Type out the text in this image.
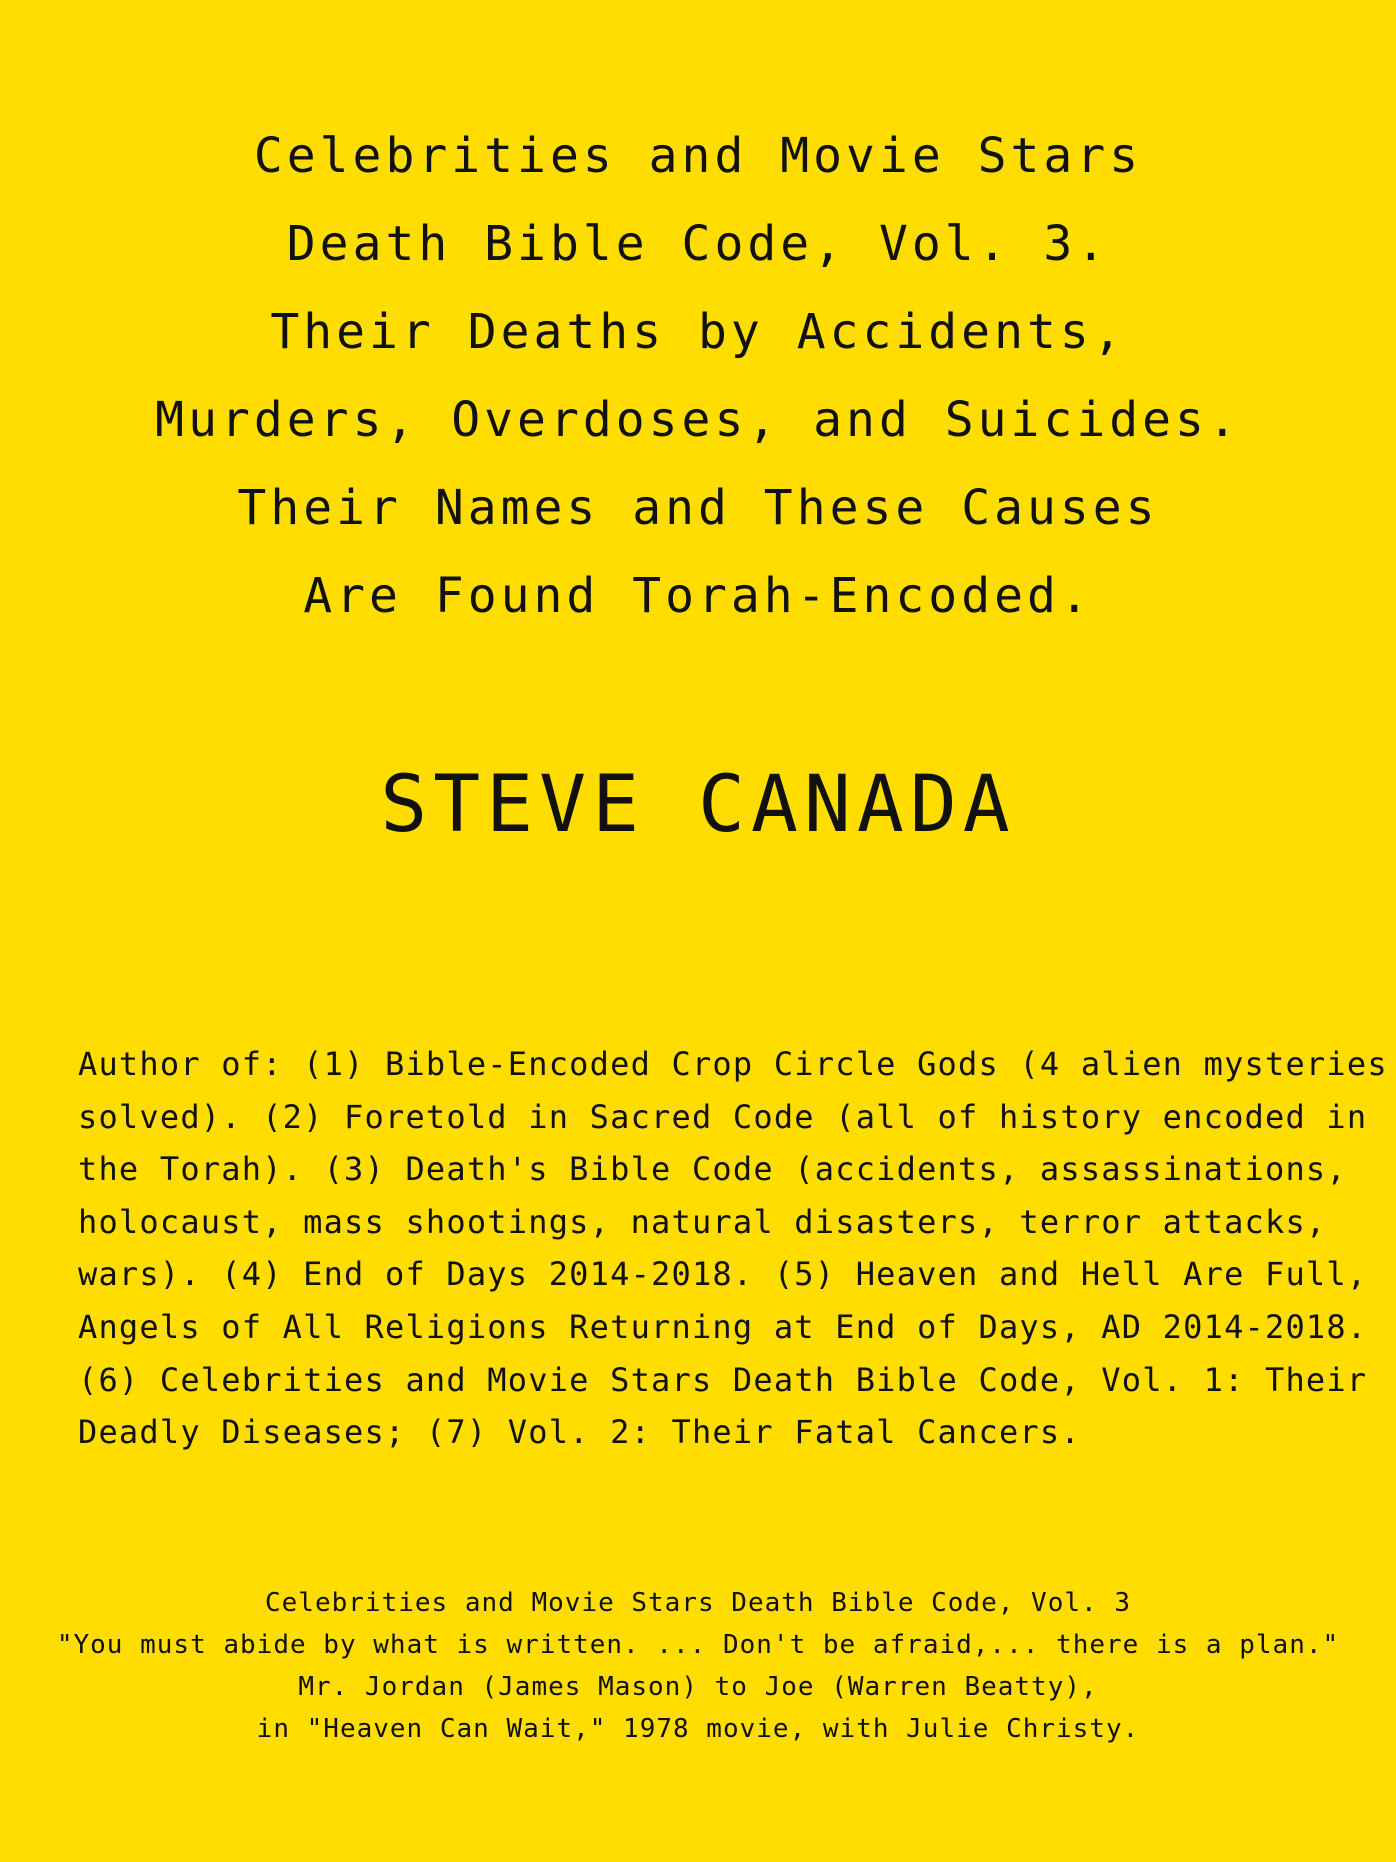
Celebrities and Movie Stars
Death Bible Code, Vol. 3.
Their Deaths by Accidents,
Murders, Overdoses, and Suicides.
Their Names and These Causes
Are Found Torah-Encoded.
STEVE CANADA
Author of: (1) Bible-Encoded Crop Circle Gods (4 alien mysteries
solved). (2) Foretold in Sacred Code (all of history encoded in
the Torah). (3) Death's Bible Code (accidents, assassinations,
holocaust, mass shootings, natural disasters, terror attacks,
wars). (4) End of Days 2014-2018. (5) Heaven and Hell Are Full,
Angels of All Religions Returning at End of Days, AD 2014-2018.
(6) Celebrities and Movie Stars Death Bible Code, Vol. 1: Their
Deadly Diseases; (7) Vol. 2: Their Fatal Cancers.
Celebrities and Movie Stars Death Bible Code, Vol. 3
"You must abide by what is written. ... Don't be afraid,... there is a plan."
Mr. Jordan (James Mason) to Joe (Warren Beatty),
in "Heaven Can Wait," 1978 movie, with Julie Christy.
